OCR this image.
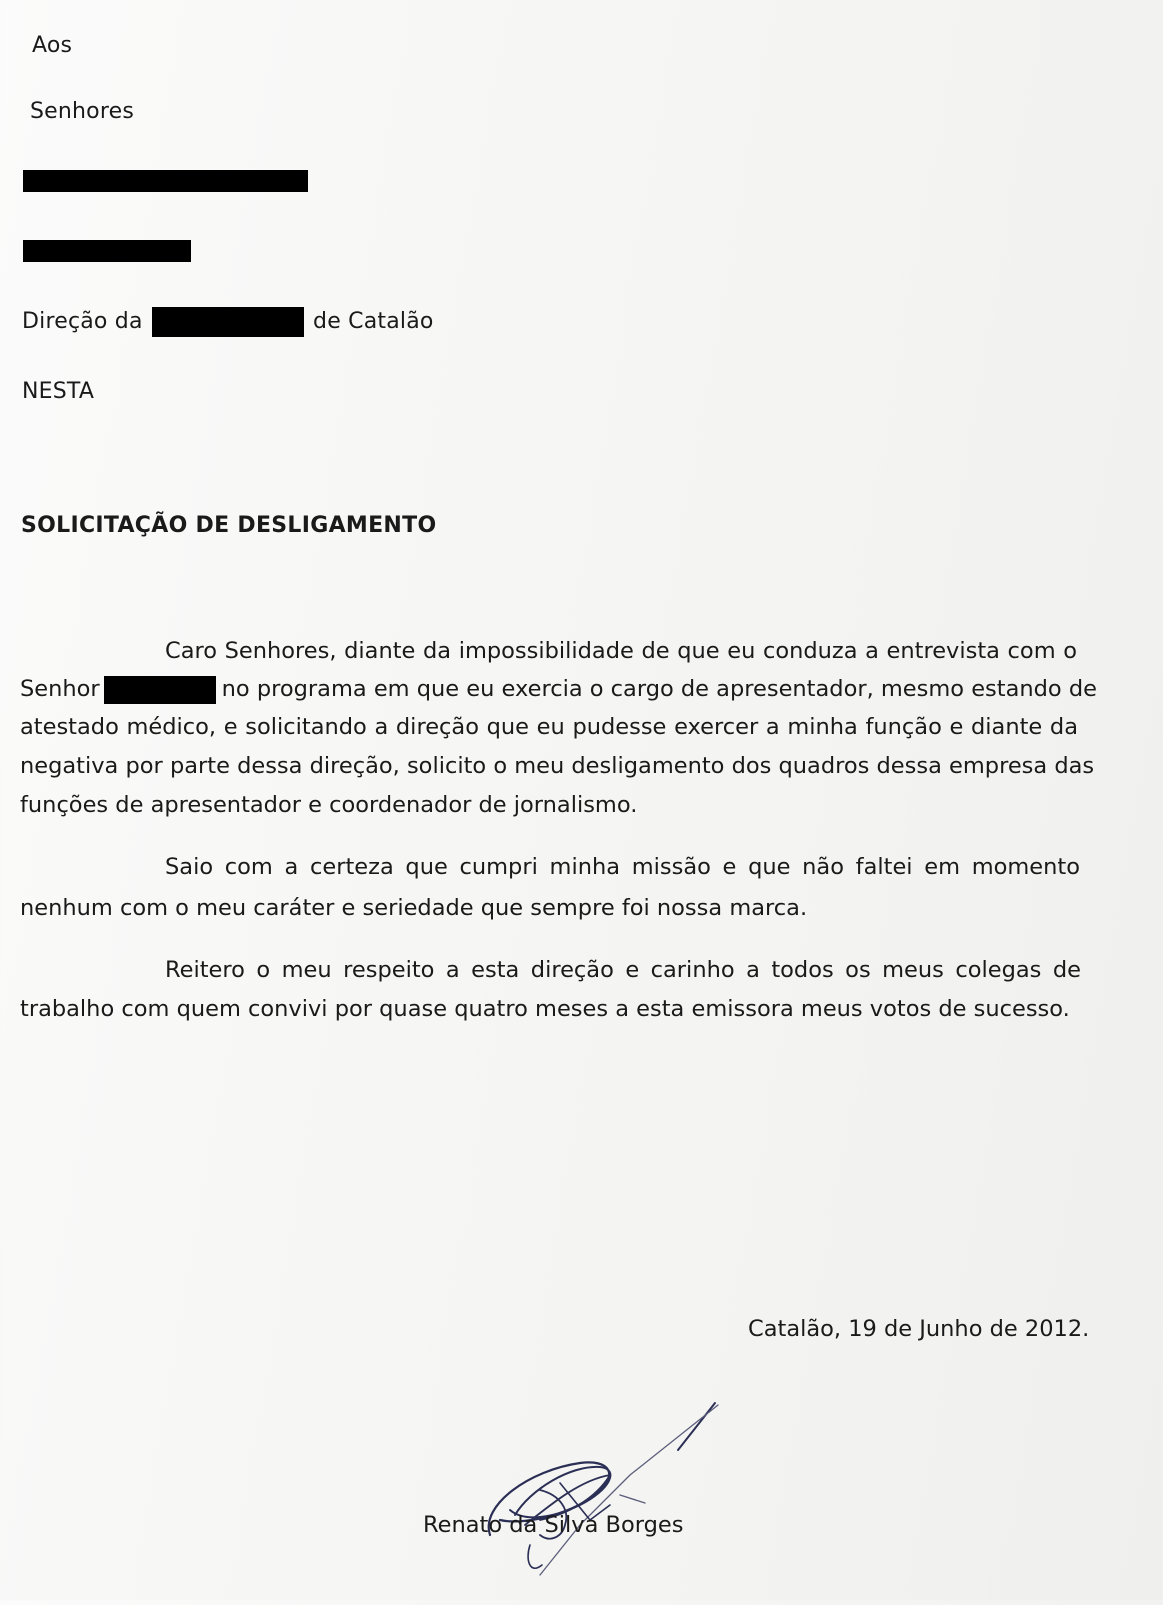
Aos
Senhores
Direção da	de Catalão
NESTA
SOLICITAÇÃO DE DESLIGAMENTO
Caro Senhores, diante da impossibilidade de que eu conduza a entrevista com o
Senhor	no programa em que eu exercia o cargo de apresentador, mesmo estando de
atestado médico, e solicitando a direção que eu pudesse exercer a minha função e diante da
negativa por parte dessa direção, solicito o meu desligamento dos quadros dessa empresa das
funções de apresentador e coordenador de jornalismo.
Saio com a certeza que cumpri minha missão e que não faltei em momento
nenhum com o meu caráter e seriedade que sempre foi nossa marca.
Reitero o meu respeito a esta direção e carinho a todos os meus colegas de
trabalho com quem convivi por quase quatro meses a esta emissora meus votos de sucesso.
Catalão, 19 de Junho de 2012.
Renato da Silva Borges
